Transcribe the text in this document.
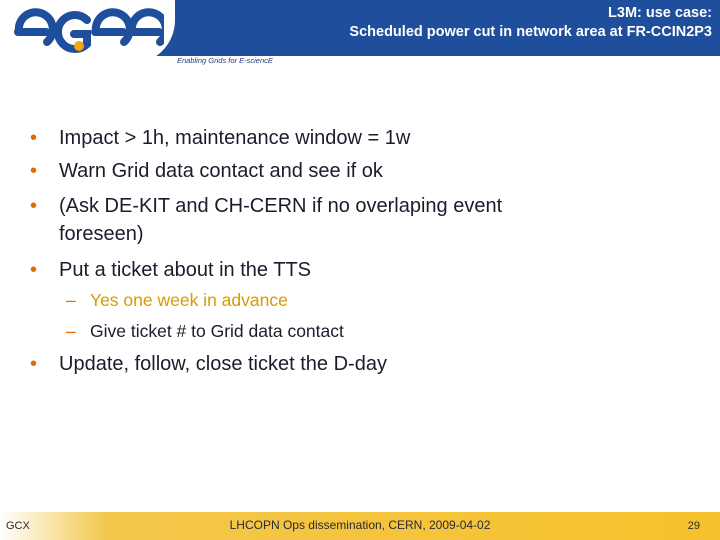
L3M: use case:
Scheduled power cut in network area at FR-CCIN2P3
Enabling Grids for E-sciencE
•	Impact > 1h, maintenance window = 1w
•	Warn Grid data contact and see if ok
•	(Ask DE-KIT and CH-CERN if no overlaping event
foreseen)
•	Put a ticket about in the TTS
– Yes one week in advance
– Give ticket # to Grid data contact
•	Update, follow, close ticket the D-day
GCX	LHCOPN Ops dissemination, CERN, 2009-04-02	29
